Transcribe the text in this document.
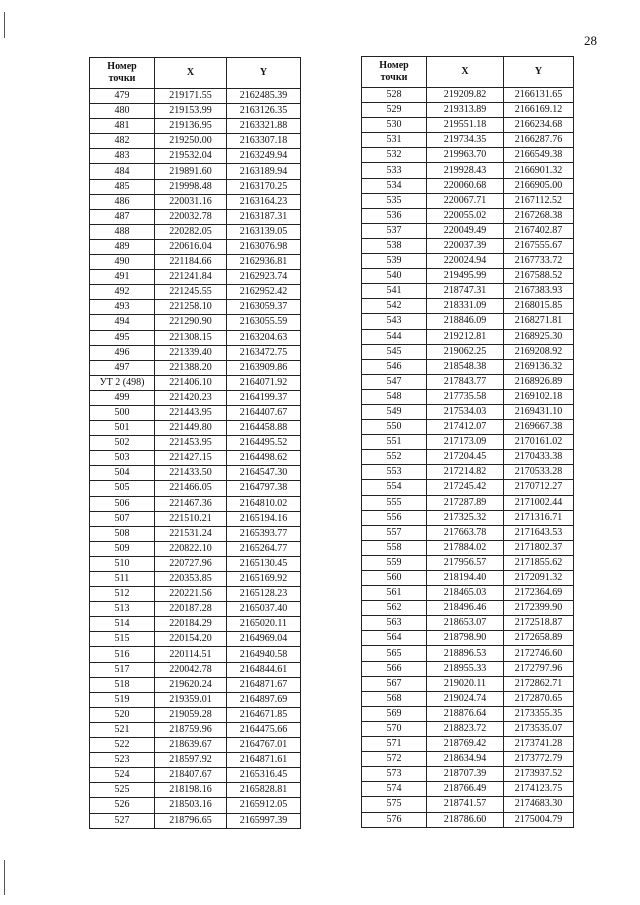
28
Номер
точки	X	Y
479	219171.55	2162485.39
480	219153.99	2163126.35
481	219136.95	2163321.88
482	219250.00	2163307.18
483	219532.04	2163249.94
484	219891.60	2163189.94
485	219998.48	2163170.25
486	220031.16	2163164.23
487	220032.78	2163187.31
488	220282.05	2163139.05
489	220616.04	2163076.98
490	221184.66	2162936.81
491	221241.84	2162923.74
492	221245.55	2162952.42
493	221258.10	2163059.37
494	221290.90	2163055.59
495	221308.15	2163204.63
496	221339.40	2163472.75
497	221388.20	2163909.86
УТ 2 (498)	221406.10	2164071.92
499	221420.23	2164199.37
500	221443.95	2164407.67
501	221449.80	2164458.88
502	221453.95	2164495.52
503	221427.15	2164498.62
504	221433.50	2164547.30
505	221466.05	2164797.38
506	221467.36	2164810.02
507	221510.21	2165194.16
508	221531.24	2165393.77
509	220822.10	2165264.77
510	220727.96	2165130.45
511	220353.85	2165169.92
512	220221.56	2165128.23
513	220187.28	2165037.40
514	220184.29	2165020.11
515	220154.20	2164969.04
516	220114.51	2164940.58
517	220042.78	2164844.61
518	219620.24	2164871.67
519	219359.01	2164897.69
520	219059.28	2164671.85
521	218759.96	2164475.66
522	218639.67	2164767.01
523	218597.92	2164871.61
524	218407.67	2165316.45
525	218198.16	2165828.81
526	218503.16	2165912.05
527	218796.65	2165997.39
Номер
точки	X	Y
528	219209.82	2166131.65
529	219313.89	2166169.12
530	219551.18	2166234.68
531	219734.35	2166287.76
532	219963.70	2166549.38
533	219928.43	2166901.32
534	220060.68	2166905.00
535	220067.71	2167112.52
536	220055.02	2167268.38
537	220049.49	2167402.87
538	220037.39	2167555.67
539	220024.94	2167733.72
540	219495.99	2167588.52
541	218747.31	2167383.93
542	218331.09	2168015.85
543	218846.09	2168271.81
544	219212.81	2168925.30
545	219062.25	2169208.92
546	218548.38	2169136.32
547	217843.77	2168926.89
548	217735.58	2169102.18
549	217534.03	2169431.10
550	217412.07	2169667.38
551	217173.09	2170161.02
552	217204.45	2170433.38
553	217214.82	2170533.28
554	217245.42	2170712.27
555	217287.89	2171002.44
556	217325.32	2171316.71
557	217663.78	2171643.53
558	217884.02	2171802.37
559	217956.57	2171855.62
560	218194.40	2172091.32
561	218465.03	2172364.69
562	218496.46	2172399.90
563	218653.07	2172518.87
564	218798.90	2172658.89
565	218896.53	2172746.60
566	218955.33	2172797.96
567	219020.11	2172862.71
568	219024.74	2172870.65
569	218876.64	2173355.35
570	218823.72	2173535.07
571	218769.42	2173741.28
572	218634.94	2173772.79
573	218707.39	2173937.52
574	218766.49	2174123.75
575	218741.57	2174683.30
576	218786.60	2175004.79
